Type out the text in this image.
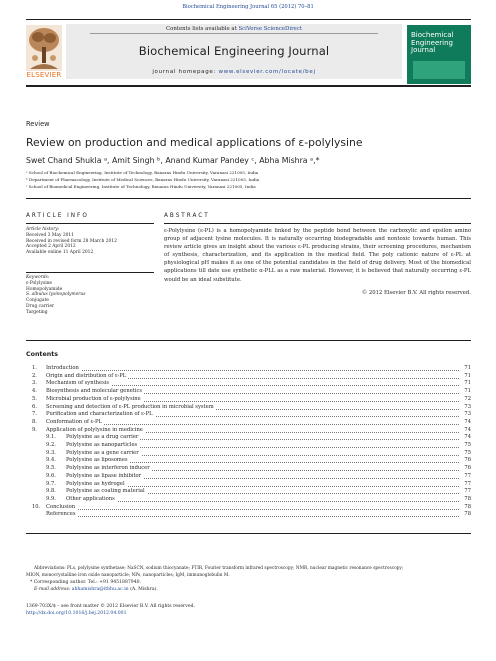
Biochemical Engineering Journal 65 (2012) 70–81
ELSEVIER
Contents lists available at SciVerse ScienceDirect
Biochemical Engineering Journal
journal homepage: www.elsevier.com/locate/bej
Biochemical
Engineering
Journal
Review
Review on production and medical applications of ε-polylysine
Swet Chand Shukla ᵃ, Amit Singh ᵇ, Anand Kumar Pandey ᶜ, Abha Mishra ᵃ,*
ᵃ School of Biochemical Engineering, Institute of Technology, Banaras Hindu University, Varanasi 221005, India
ᵇ Department of Pharmacology, Institute of Medical Sciences, Banaras Hindu University, Varanasi 221005, India
ᶜ School of Biomedical Engineering, Institute of Technology, Banaras Hindu University, Varanasi 221005, India
ARTICLE INFO
Article history:
Received 3 May 2011
Received in revised form 28 March 2012
Accepted 2 April 2012
Available online 11 April 2012
Keywords:
ε-Polylysine
Homopolyamide
S. albulus lysinopolymerus
Conjugate
Drug carrier
Targeting
ABSTRACT
ε-Polylysine (ε-PL) is a homopolyamide linked by the peptide bond between the carboxylic and epsilon amino group of adjacent lysine molecules. It is naturally occurring biodegradable and nontoxic towards human. This review article gives an insight about the various ε-PL producing strains, their screening procedures, mechanism of synthesis, characterization, and its application in the medical field. The poly cationic nature of ε-PL at physiological pH makes it as one of the potential candidates in the field of drug delivery. Most of the biomedical applications till date use synthetic α-PLL as a raw material. However, it is believed that naturally occurring ε-PL would be an ideal substitute.
© 2012 Elsevier B.V. All rights reserved.
Contents
1. Introduction	71
2. Origin and distribution of ε-PL	71
3. Mechanism of synthesis	71
4. Biosynthesis and molecular genetics	71
5. Microbial production of ε-polylysine	72
6. Screening and detection of ε-PL production in microbial system	73
7. Purification and characterization of ε-PL	73
8. Conformation of ε-PL	74
9. Application of polylysine in medicine	74
9.1. Polylysine as a drug carrier	74
9.2. Polylysine as nanoparticles	75
9.3. Polylysine as a gene carrier	75
9.4. Polylysine as liposomes	76
9.5. Polylysine as interferon inducer	76
9.6. Polylysine as lipase inhibitor	77
9.7. Polylysine as hydrogel	77
9.8. Polylysine as coating material	77
9.9. Other applications	78
10. Conclusion	78
References	78
Abbreviations: PLs, polylysine synthetase; NaSCN, sodium thiocyanate; FTIR, Fourier transform infrared spectroscopy; NMR, nuclear magnetic resonance spectroscopy;
MION, monocrystalline iron oxide nanoparticle; NPs, nanoparticles; IgM, immunoglobulin M.
* Corresponding author. Tel.: +91 9451887940.
E-mail address: abhamishra@itbhu.ac.in (A. Mishra).
1369-703X/$ – see front matter © 2012 Elsevier B.V. All rights reserved.
http://dx.doi.org/10.1016/j.bej.2012.04.001
